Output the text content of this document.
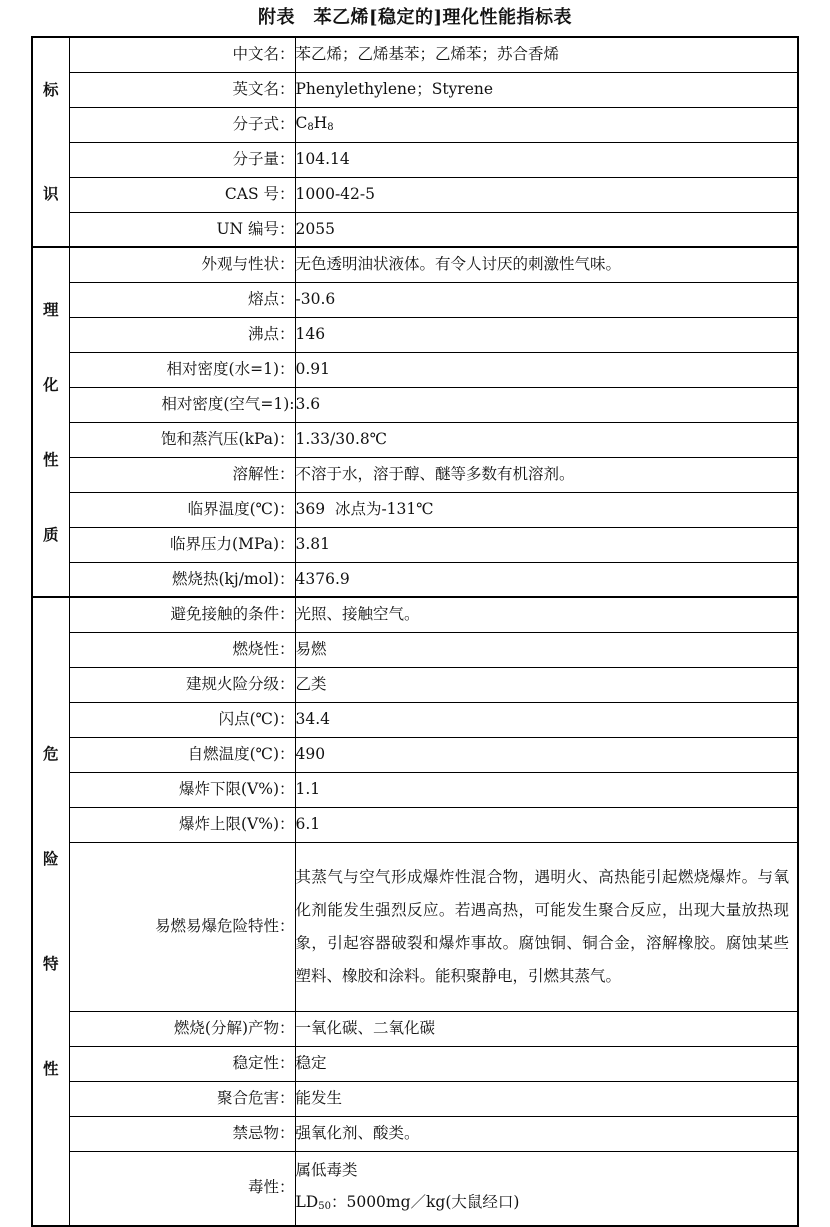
附表　苯乙烯[稳定的]理化性能指标表
标
识	中文名：	苯乙烯；乙烯基苯；乙烯苯；苏合香烯
	英文名：	Phenylethylene；Styrene
	分子式：	$C_8H_8$
	分子量：	104.14
	CAS 号：	1000-42-5
	UN 编号：	2055

理
化
性
质	外观与性状：	无色透明油状液体。有令人讨厌的刺激性气味。
	熔点：	-30.6
	沸点：	146
	相对密度(水=1)：	0.91
	相对密度(空气=1):	3.6
	饱和蒸汽压(kPa)：	1.33/30.8℃
	溶解性：	不溶于水，溶于醇、醚等多数有机溶剂。
	临界温度(℃)：	369  冰点为-131℃
	临界压力(MPa)：	3.81
	燃烧热(kj/mol)：	4376.9

危
险
特
性	避免接触的条件：	光照、接触空气。
	燃烧性：	易燃
	建规火险分级：	乙类
	闪点(℃)：	34.4
	自燃温度(℃)：	490
	爆炸下限(V%)：	1.1
	爆炸上限(V%)：	6.1
	易燃易爆危险特性：	其蒸气与空气形成爆炸性混合物，遇明火、高热能引起燃烧爆炸。与氧化剂能发生强烈反应。若遇高热，可能发生聚合反应，出现大量放热现象，引起容器破裂和爆炸事故。腐蚀铜、铜合金，溶解橡胶。腐蚀某些塑料、橡胶和涂料。能积聚静电，引燃其蒸气。
	燃烧(分解)产物：	一氧化碳、二氧化碳
	稳定性：	稳定
	聚合危害：	能发生
	禁忌物：	强氧化剂、酸类。
	毒性：	属低毒类
$LD_{50}$：5000mg／kg(大鼠经口)
